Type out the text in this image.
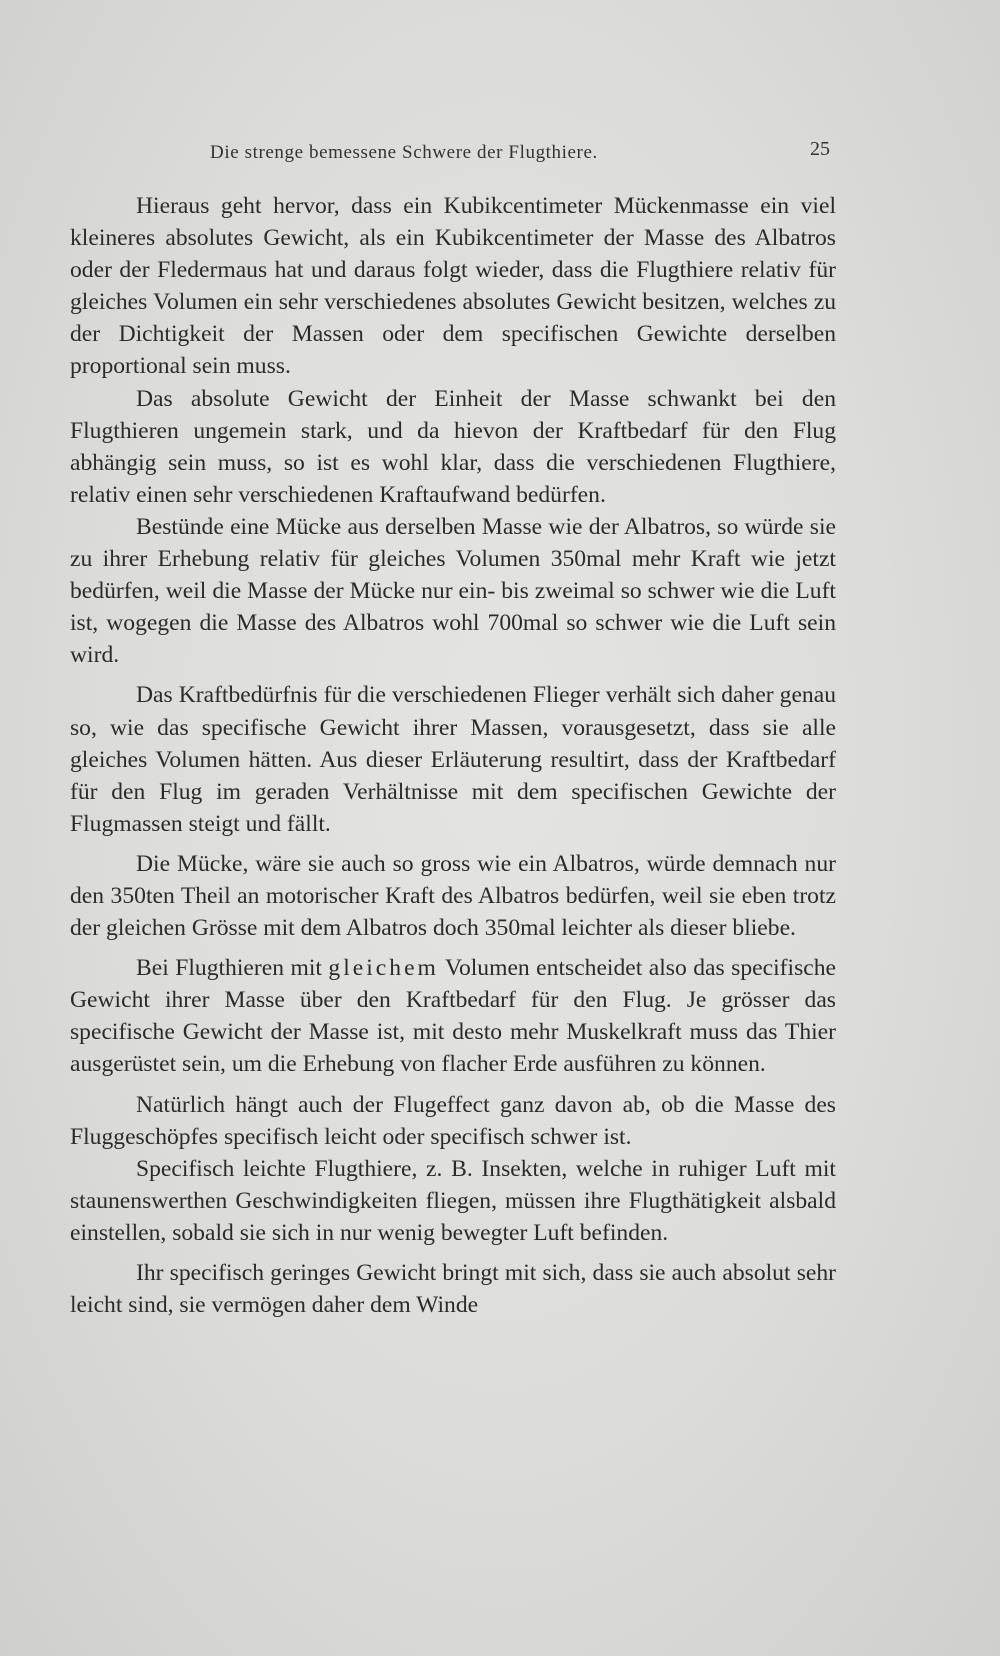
Die strenge bemessene Schwere der Flugthiere.	25

Hieraus geht hervor, dass ein Kubikcentimeter Mückenmasse ein viel kleineres absolutes Gewicht, als ein Kubikcentimeter der Masse des Albatros oder der Fledermaus hat und daraus folgt wieder, dass die Flugthiere relativ für gleiches Volumen ein sehr verschiedenes absolutes Gewicht besitzen, welches zu der Dichtigkeit der Massen oder dem specifischen Gewichte derselben proportional sein muss.

Das absolute Gewicht der Einheit der Masse schwankt bei den Flugthieren ungemein stark, und da hievon der Kraftbedarf für den Flug abhängig sein muss, so ist es wohl klar, dass die verschiedenen Flugthiere, relativ einen sehr verschiedenen Kraftaufwand bedürfen.

Bestünde eine Mücke aus derselben Masse wie der Albatros, so würde sie zu ihrer Erhebung relativ für gleiches Volumen 350mal mehr Kraft wie jetzt bedürfen, weil die Masse der Mücke nur ein- bis zweimal so schwer wie die Luft ist, wogegen die Masse des Albatros wohl 700mal so schwer wie die Luft sein wird.

Das Kraftbedürfnis für die verschiedenen Flieger verhält sich daher genau so, wie das specifische Gewicht ihrer Massen, vorausgesetzt, dass sie alle gleiches Volumen hätten. Aus dieser Erläuterung resultirt, dass der Kraftbedarf für den Flug im geraden Verhältnisse mit dem specifischen Gewichte der Flugmassen steigt und fällt.

Die Mücke, wäre sie auch so gross wie ein Albatros, würde demnach nur den 350ten Theil an motorischer Kraft des Albatros bedürfen, weil sie eben trotz der gleichen Grösse mit dem Albatros doch 350mal leichter als dieser bliebe.

Bei Flugthieren mit gleichem Volumen entscheidet also das specifische Gewicht ihrer Masse über den Kraftbedarf für den Flug. Je grösser das specifische Gewicht der Masse ist, mit desto mehr Muskelkraft muss das Thier ausgerüstet sein, um die Erhebung von flacher Erde ausführen zu können.

Natürlich hängt auch der Flugeffect ganz davon ab, ob die Masse des Fluggeschöpfes specifisch leicht oder specifisch schwer ist.

Specifisch leichte Flugthiere, z. B. Insekten, welche in ruhiger Luft mit staunenswerthen Geschwindigkeiten fliegen, müssen ihre Flugthätigkeit alsbald einstellen, sobald sie sich in nur wenig bewegter Luft befinden.

Ihr specifisch geringes Gewicht bringt mit sich, dass sie auch absolut sehr leicht sind, sie vermögen daher dem Winde
